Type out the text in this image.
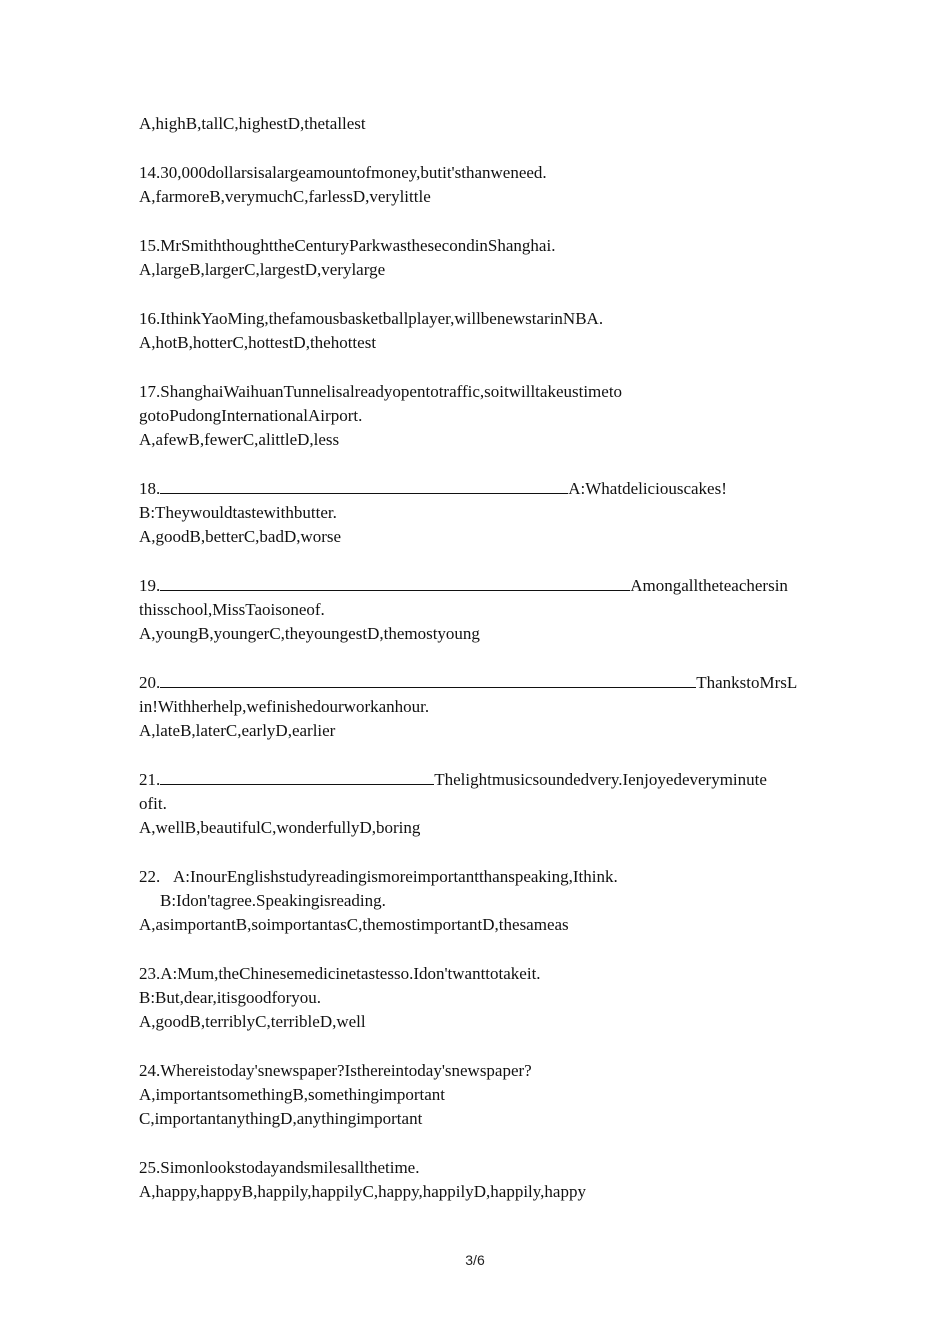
A,highB,tallC,highestD,thetallest
14.30,000dollarsisalargeamountofmoney,butit'sthanweneed.
A,farmoreB,verymuchC,farlessD,verylittle
15.MrSmiththoughttheCenturyParkwasthesecondinShanghai.
A,largeB,largerC,largestD,verylarge
16.IthinkYaoMing,thefamousbasketballplayer,willbenewstarinNBA.
A,hotB,hotterC,hottestD,thehottest
17.ShanghaiWaihuanTunnelisalreadyopentotraffic,soitwilltakeustimeto
gotoPudongInternationalAirport.
A,afewB,fewerC,alittleD,less
18.	A:Whatdeliciouscakes!
B:Theywouldtastewithbutter.
A,goodB,betterC,badD,worse
19.	Amongalltheteachersin
thisschool,MissTaoisoneof.
A,youngB,youngerC,theyoungestD,themostyoung
20.	ThankstoMrsL
in!Withherhelp,wefinishedourworkanhour.
A,lateB,laterC,earlyD,earlier
21.	Thelightmusicsoundedvery.Ienjoyedeveryminute
ofit.
A,wellB,beautifulC,wonderfullyD,boring
22.   A:InourEnglishstudyreadingismoreimportantthanspeaking,Ithink.
B:Idon'tagree.Speakingisreading.
A,asimportantB,soimportantasC,themostimportantD,thesameas
23.A:Mum,theChinesemedicinetastesso.Idon'twanttotakeit.
B:But,dear,itisgoodforyou.
A,goodB,terriblyC,terribleD,well
24.Whereistoday'snewspaper?Isthereintoday'snewspaper?
A,importantsomethingB,somethingimportant
C,importantanythingD,anythingimportant
25.Simonlookstodayandsmilesallthetime.
A,happy,happyB,happily,happilyC,happy,happilyD,happily,happy
3/6
